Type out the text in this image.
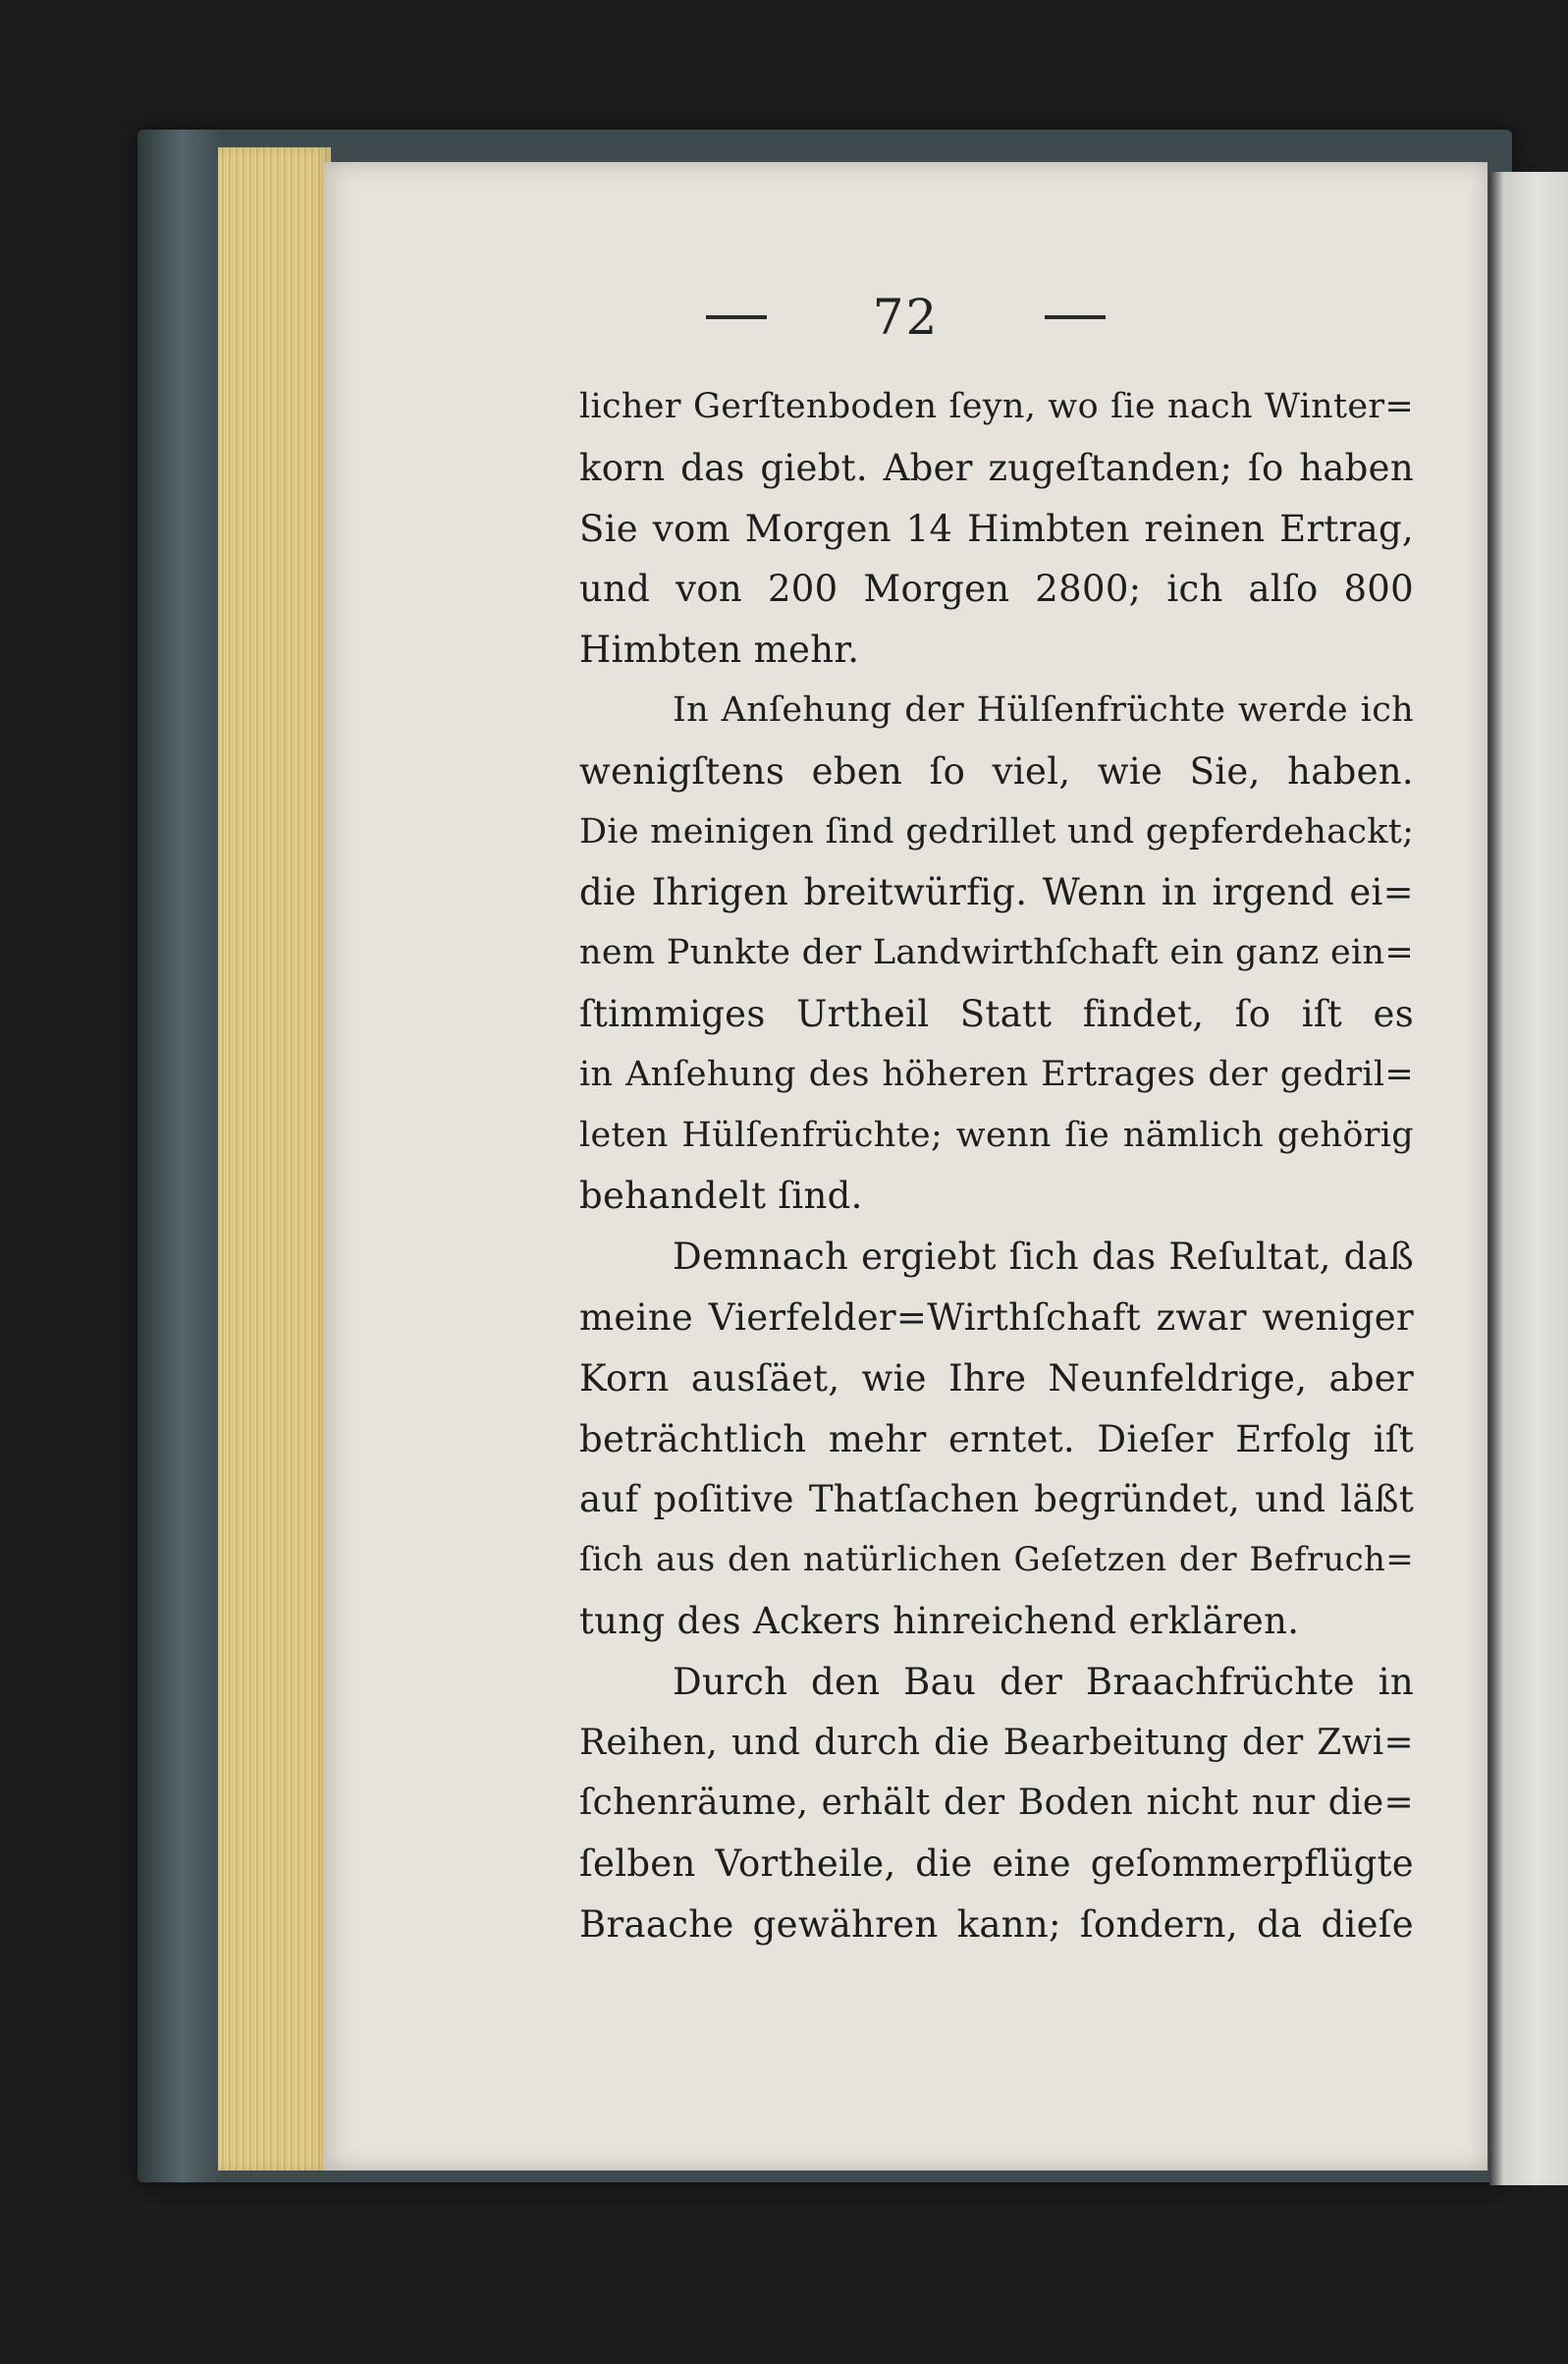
72
licher Gerſtenboden ſeyn, wo ſie nach Winter=
korn das giebt. Aber zugeſtanden; ſo haben
Sie vom Morgen 14 Himbten reinen Ertrag,
und von 200 Morgen 2800; ich alſo 800
Himbten mehr.
In Anſehung der Hülſenfrüchte werde ich
wenigſtens eben ſo viel, wie Sie, haben.
Die meinigen ſind gedrillet und gepferdehackt;
die Ihrigen breitwürfig. Wenn in irgend ei=
nem Punkte der Landwirthſchaft ein ganz ein=
ſtimmiges Urtheil Statt findet, ſo iſt es
in Anſehung des höheren Ertrages der gedril=
leten Hülſenfrüchte; wenn ſie nämlich gehörig
behandelt ſind.
Demnach ergiebt ſich das Reſultat, daß
meine Vierfelder=Wirthſchaft zwar weniger
Korn ausſäet, wie Ihre Neunfeldrige, aber
beträchtlich mehr erntet. Dieſer Erfolg iſt
auf poſitive Thatſachen begründet, und läßt
ſich aus den natürlichen Geſetzen der Befruch=
tung des Ackers hinreichend erklären.
Durch den Bau der Braachfrüchte in
Reihen, und durch die Bearbeitung der Zwi=
ſchenräume, erhält der Boden nicht nur die=
ſelben Vortheile, die eine geſommerpflügte
Braache gewähren kann; ſondern, da dieſe
